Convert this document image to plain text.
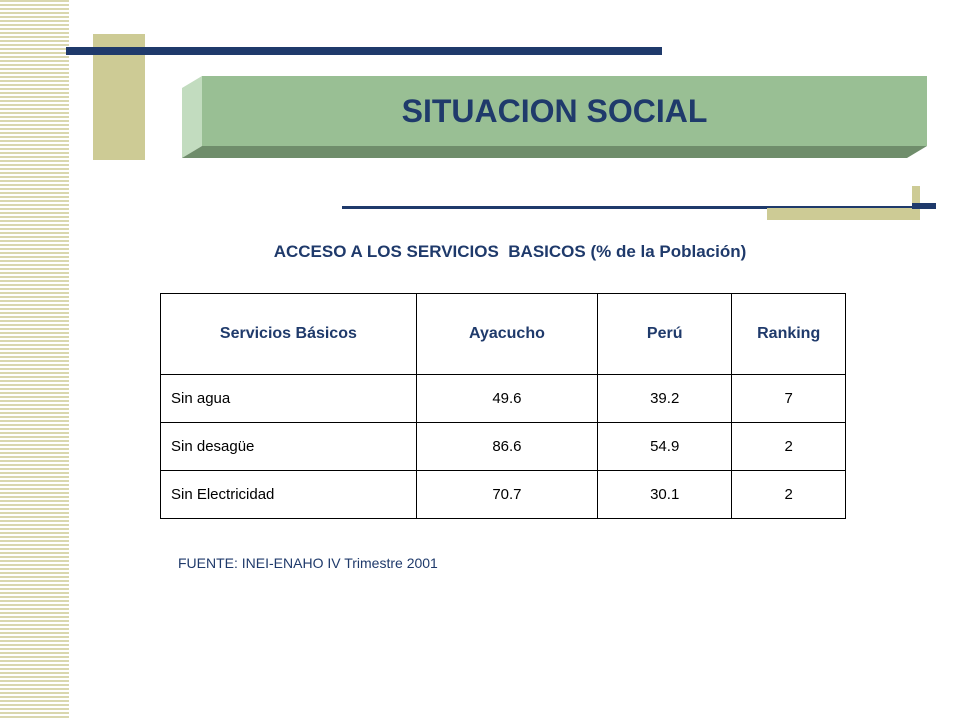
SITUACION SOCIAL
ACCESO A LOS SERVICIOS  BASICOS (% de la Población)
Servicios Básicos	Ayacucho	Perú	Ranking
Sin agua	49.6	39.2	7
Sin desagüe	86.6	54.9	2
Sin Electricidad	70.7	30.1	2
FUENTE: INEI-ENAHO IV Trimestre 2001
